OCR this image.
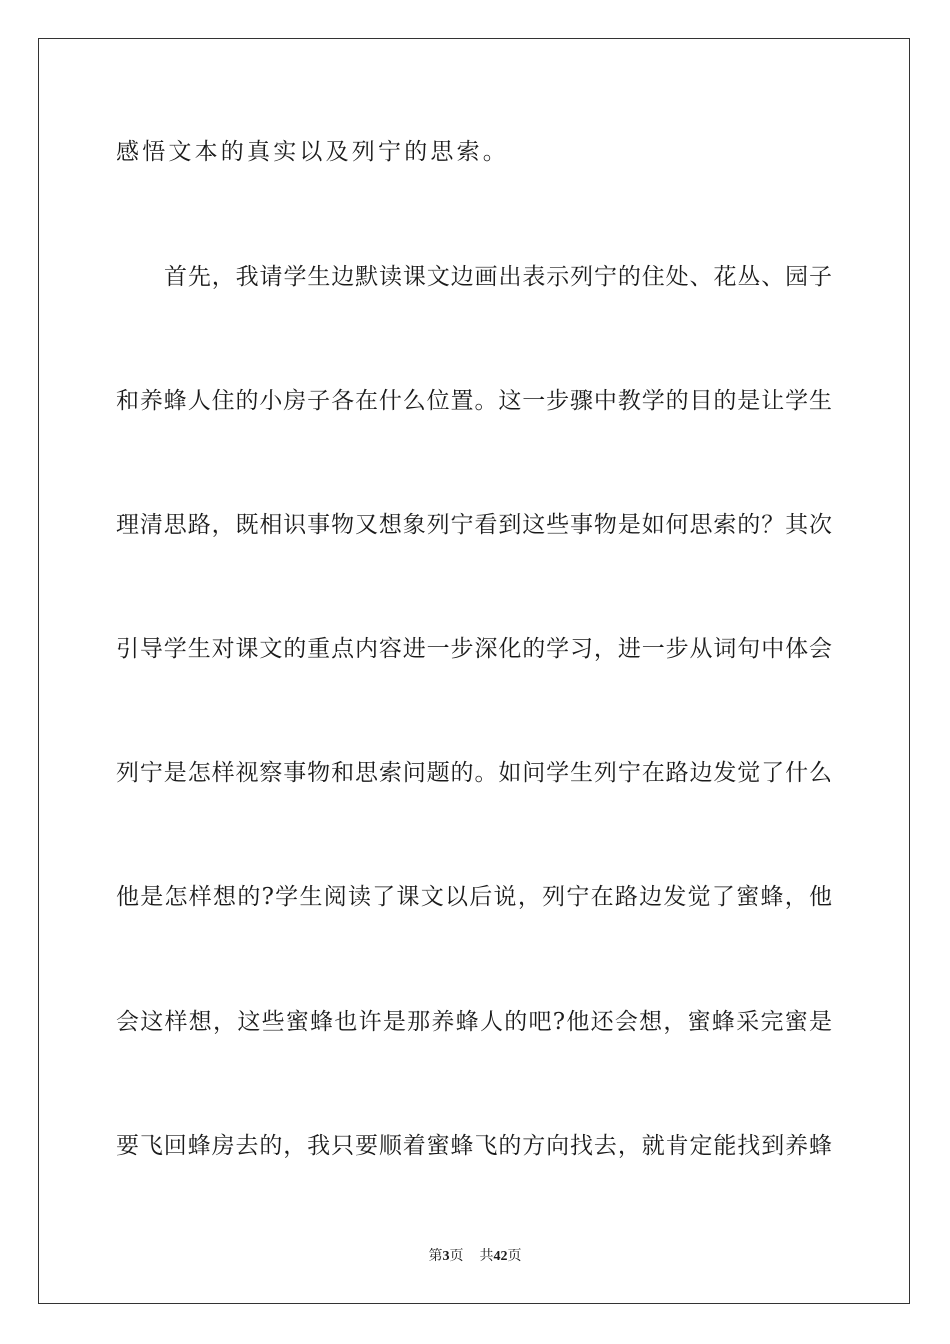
感悟文本的真实以及列宁的思索。
首先，我请学生边默读课文边画出表示列宁的住处、花丛、园子
和养蜂人住的小房子各在什么位置。这一步骤中教学的目的是让学生
理清思路，既相识事物又想象列宁看到这些事物是如何思索的？其次
引导学生对课文的重点内容进一步深化的学习，进一步从词句中体会
列宁是怎样视察事物和思索问题的。如问学生列宁在路边发觉了什么
他是怎样想的?学生阅读了课文以后说，列宁在路边发觉了蜜蜂，他
会这样想，这些蜜蜂也许是那养蜂人的吧?他还会想，蜜蜂采完蜜是
要飞回蜂房去的，我只要顺着蜜蜂飞的方向找去，就肯定能找到养蜂
第3页 共42页
